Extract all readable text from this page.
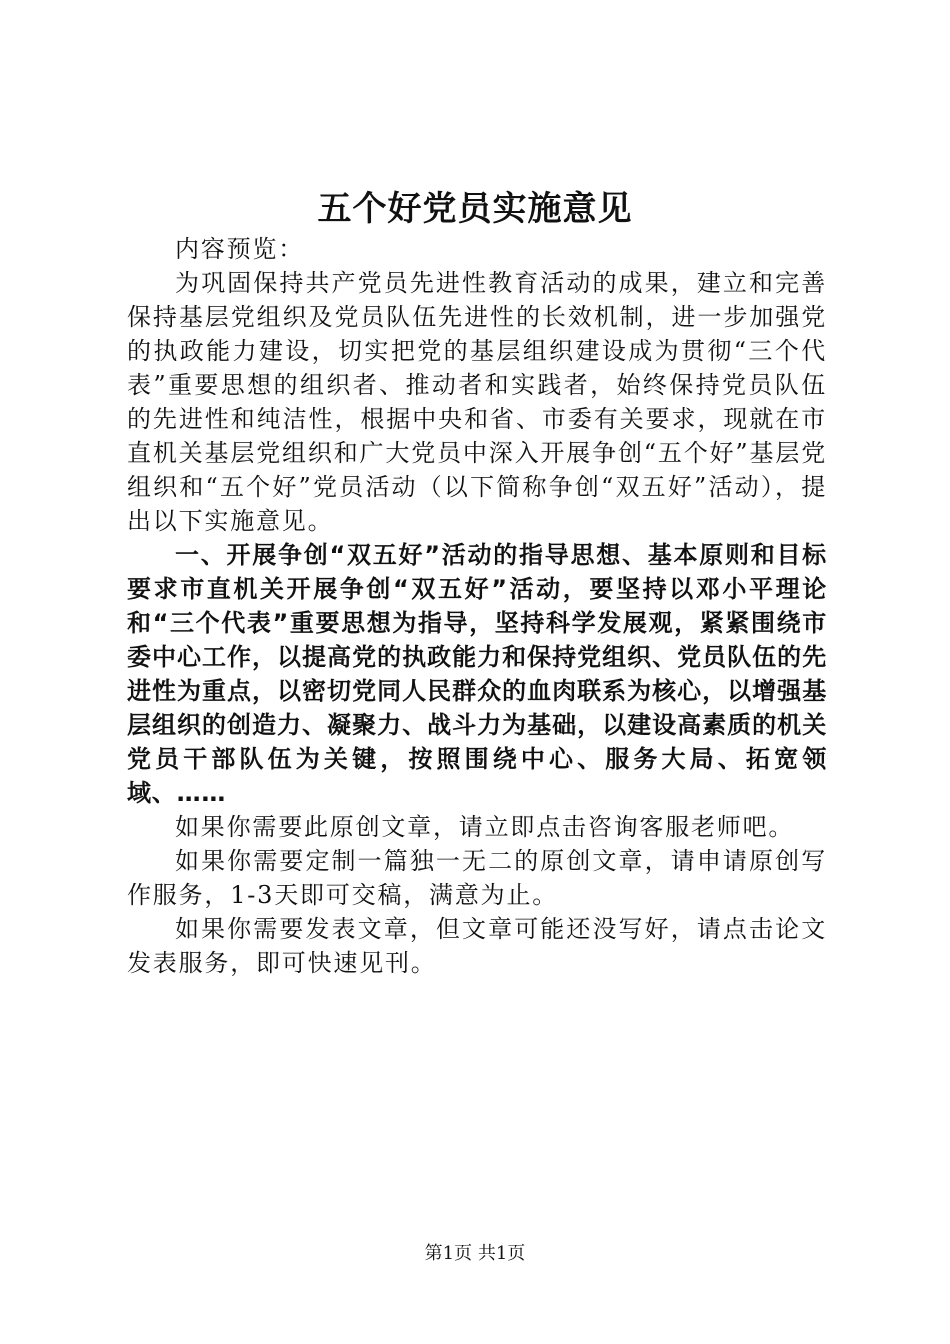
五个好党员实施意见

内容预览：

为巩固保持共产党员先进性教育活动的成果，建立和完善保持基层党组织及党员队伍先进性的长效机制，进一步加强党的执政能力建设，切实把党的基层组织建设成为贯彻“三个代表”重要思想的组织者、推动者和实践者，始终保持党员队伍的先进性和纯洁性，根据中央和省、市委有关要求，现就在市直机关基层党组织和广大党员中深入开展争创“五个好”基层党组织和“五个好”党员活动（以下简称争创“双五好”活动），提出以下实施意见。

一、开展争创“双五好”活动的指导思想、基本原则和目标要求市直机关开展争创“双五好”活动，要坚持以邓小平理论和“三个代表”重要思想为指导，坚持科学发展观，紧紧围绕市委中心工作，以提高党的执政能力和保持党组织、党员队伍的先进性为重点，以密切党同人民群众的血肉联系为核心，以增强基层组织的创造力、凝聚力、战斗力为基础，以建设高素质的机关党员干部队伍为关键，按照围绕中心、服务大局、拓宽领域、……

如果你需要此原创文章，请立即点击咨询客服老师吧。

如果你需要定制一篇独一无二的原创文章，请申请原创写作服务，1-3天即可交稿，满意为止。

如果你需要发表文章，但文章可能还没写好，请点击论文发表服务，即可快速见刊。

第1页 共1页
